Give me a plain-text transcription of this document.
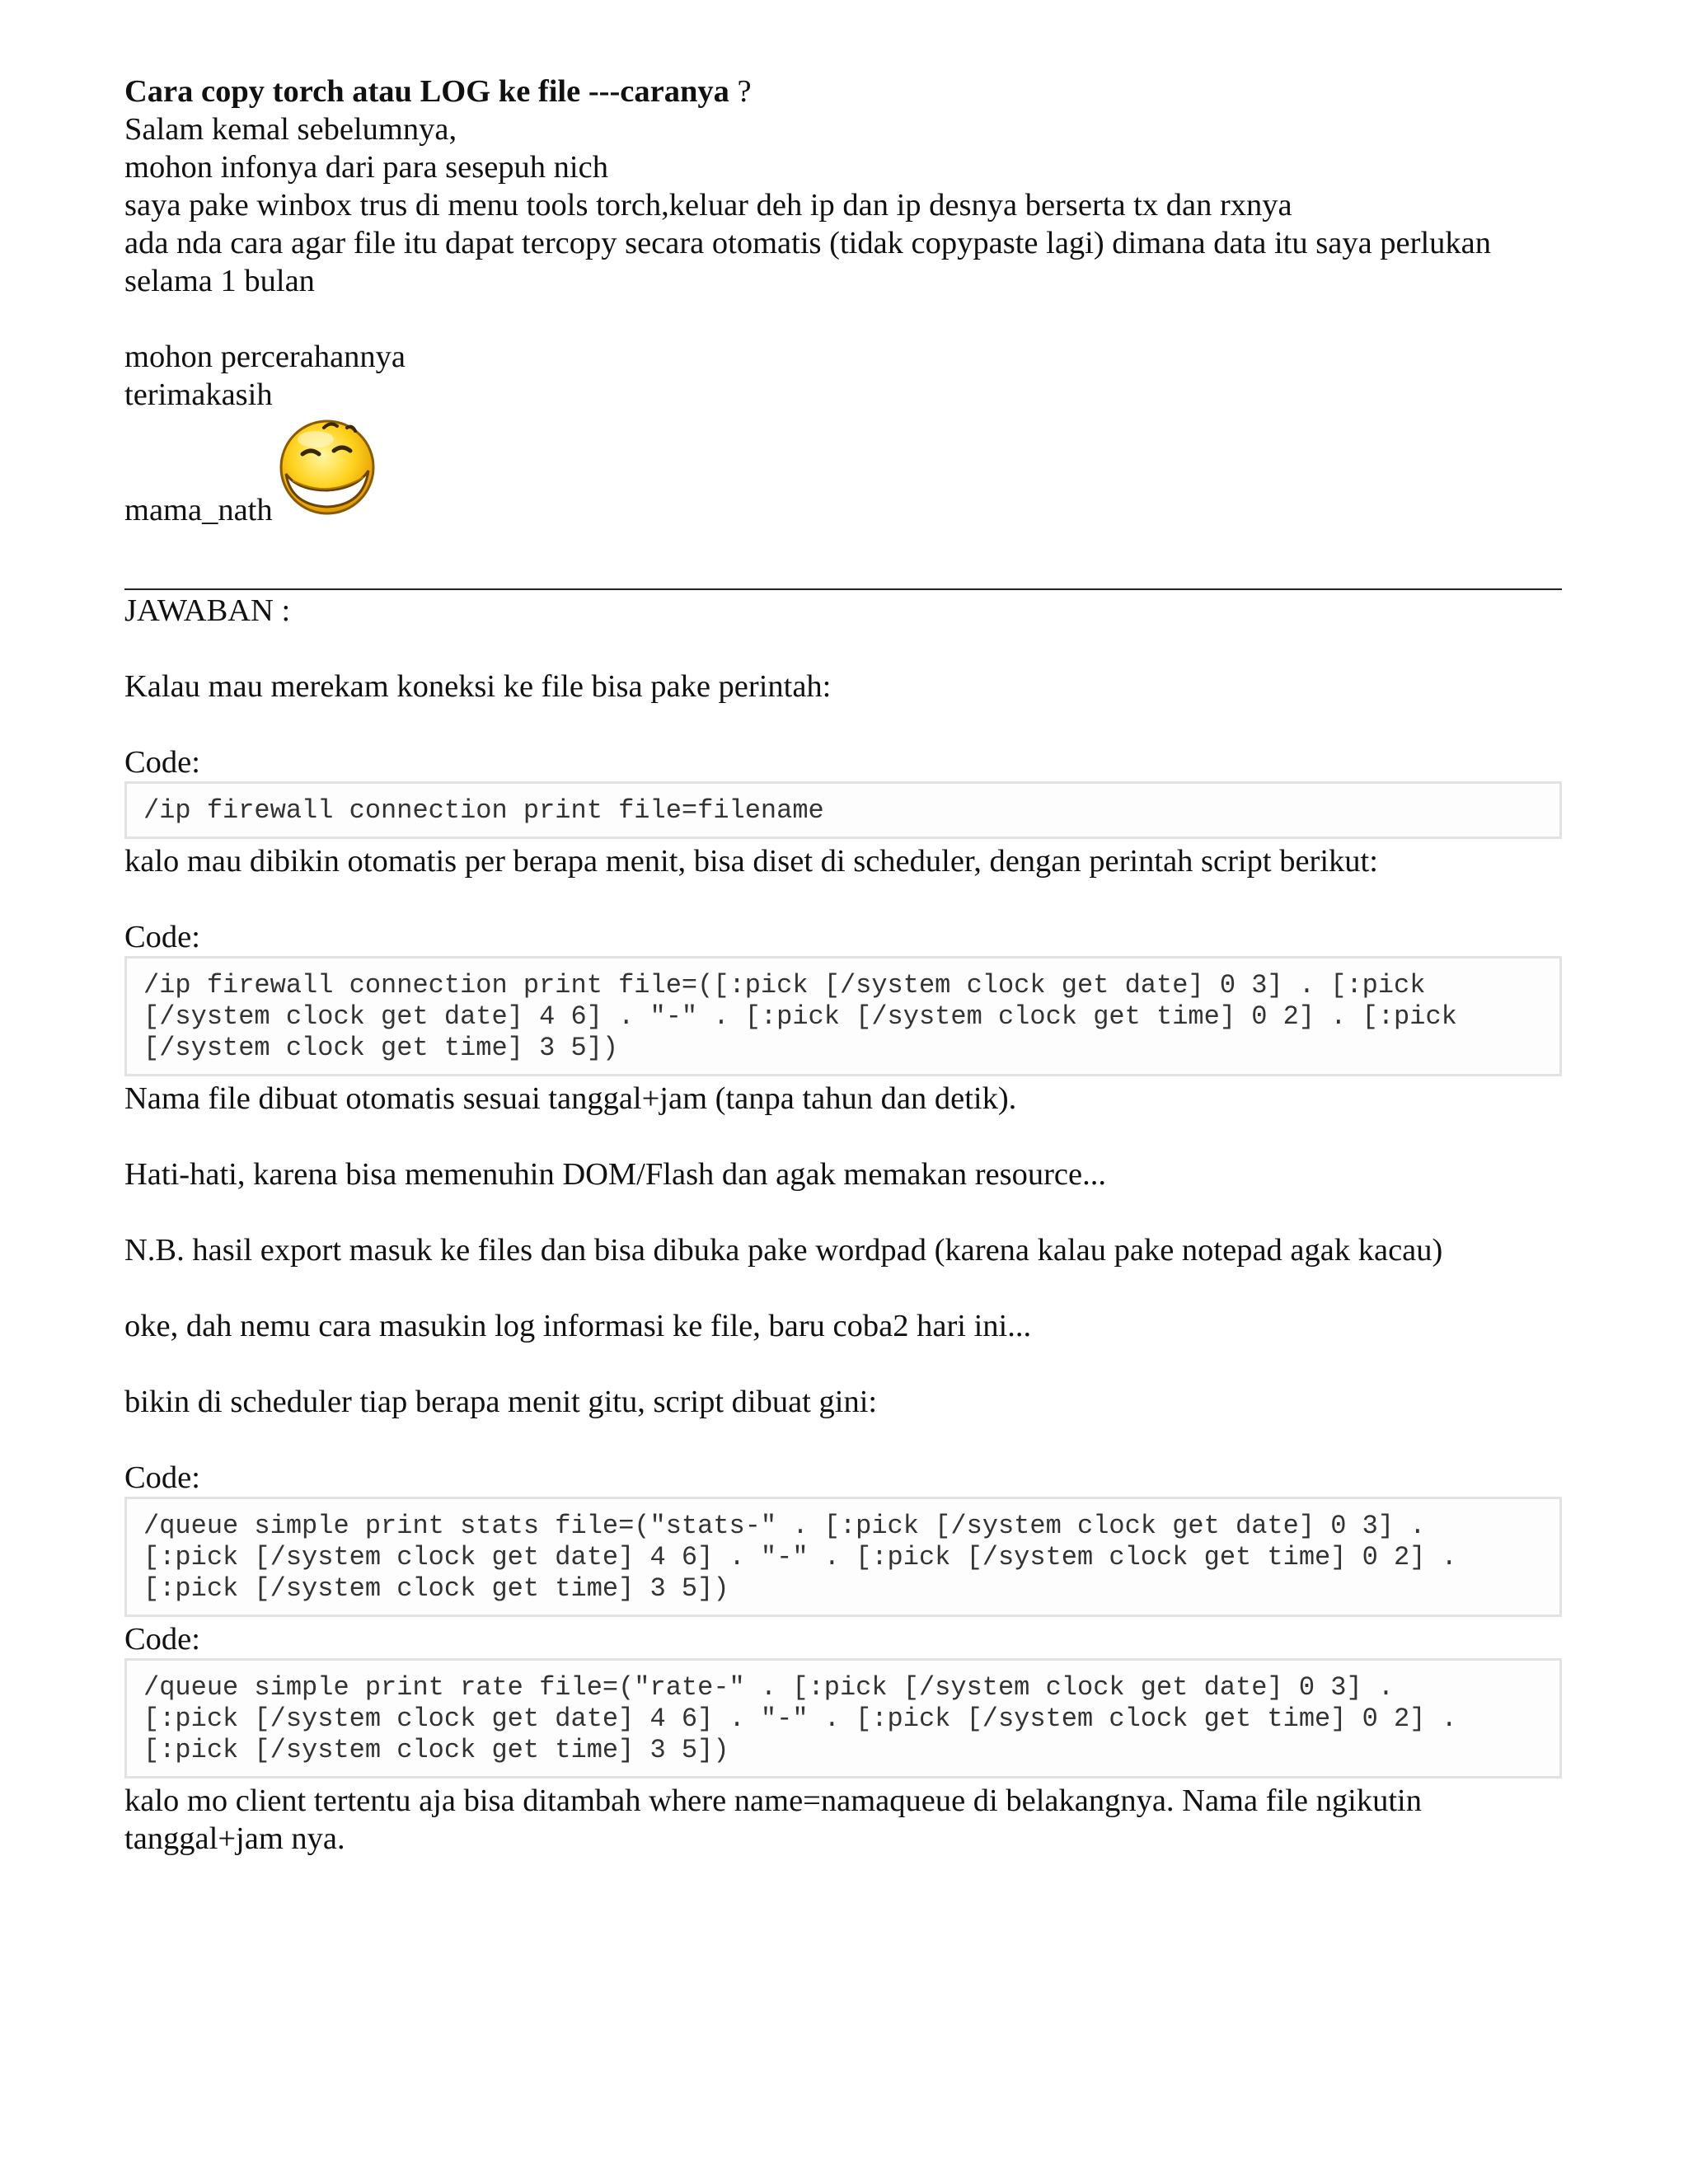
Cara copy torch atau LOG ke file ---caranya ?
Salam kemal sebelumnya,
mohon infonya dari para sesepuh nich
saya pake winbox trus di menu tools torch,keluar deh ip dan ip desnya berserta tx dan rxnya
ada nda cara agar file itu dapat tercopy secara otomatis (tidak copypaste lagi) dimana data itu saya perlukan
selama 1 bulan
mohon percerahannya
terimakasih
mama_nath
JAWABAN :
Kalau mau merekam koneksi ke file bisa pake perintah:
Code:
/ip firewall connection print file=filename
kalo mau dibikin otomatis per berapa menit, bisa diset di scheduler, dengan perintah script berikut:
Code:
/ip firewall connection print file=([:pick [/system clock get date] 0 3] . [:pick
[/system clock get date] 4 6] . "-" . [:pick [/system clock get time] 0 2] . [:pick
[/system clock get time] 3 5])
Nama file dibuat otomatis sesuai tanggal+jam (tanpa tahun dan detik).
Hati-hati, karena bisa memenuhin DOM/Flash dan agak memakan resource...
N.B. hasil export masuk ke files dan bisa dibuka pake wordpad (karena kalau pake notepad agak kacau)
oke, dah nemu cara masukin log informasi ke file, baru coba2 hari ini...
bikin di scheduler tiap berapa menit gitu, script dibuat gini:
Code:
/queue simple print stats file=("stats-" . [:pick [/system clock get date] 0 3] .
[:pick [/system clock get date] 4 6] . "-" . [:pick [/system clock get time] 0 2] .
[:pick [/system clock get time] 3 5])
Code:
/queue simple print rate file=("rate-" . [:pick [/system clock get date] 0 3] .
[:pick [/system clock get date] 4 6] . "-" . [:pick [/system clock get time] 0 2] .
[:pick [/system clock get time] 3 5])
kalo mo client tertentu aja bisa ditambah where name=namaqueue di belakangnya. Nama file ngikutin
tanggal+jam nya.
